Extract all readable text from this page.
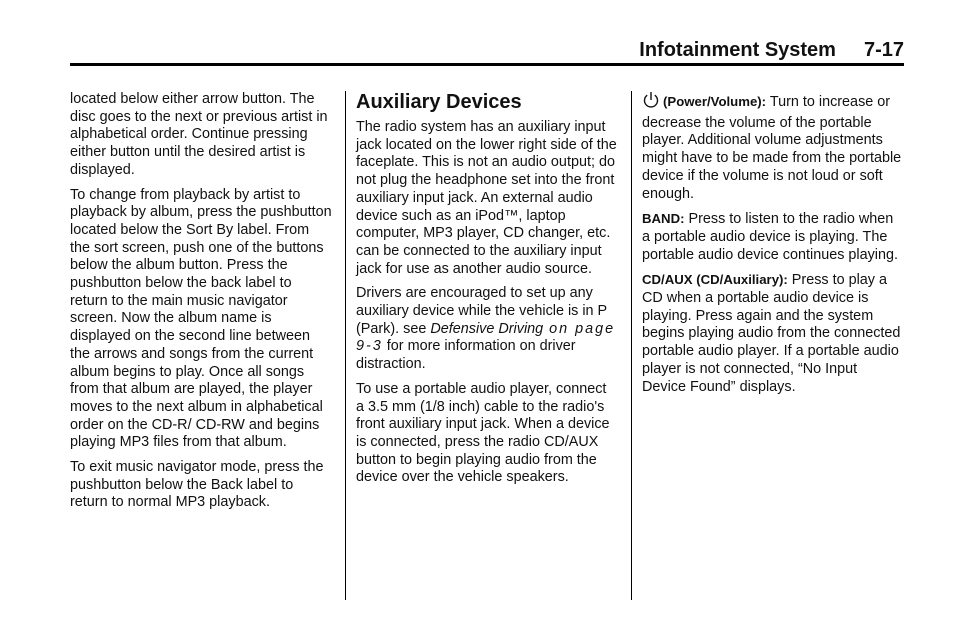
Infotainment System 7-17

located below either arrow button. The disc goes to the next or previous artist in alphabetical order. Continue pressing either button until the desired artist is displayed.

To change from playback by artist to playback by album, press the pushbutton located below the Sort By label. From the sort screen, push one of the buttons below the album button. Press the pushbutton below the back label to return to the main music navigator screen. Now the album name is displayed on the second line between the arrows and songs from the current album begins to play. Once all songs from that album are played, the player moves to the next album in alphabetical order on the CD-R/ CD-RW and begins playing MP3 files from that album.

To exit music navigator mode, press the pushbutton below the Back label to return to normal MP3 playback.

Auxiliary Devices

The radio system has an auxiliary input jack located on the lower right side of the faceplate. This is not an audio output; do not plug the headphone set into the front auxiliary input jack. An external audio device such as an iPod™, laptop computer, MP3 player, CD changer, etc. can be connected to the auxiliary input jack for use as another audio source.

Drivers are encouraged to set up any auxiliary device while the vehicle is in P (Park). see Defensive Driving on page 9-3 for more information on driver distraction.

To use a portable audio player, connect a 3.5 mm (1/8 inch) cable to the radio's front auxiliary input jack. When a device is connected, press the radio CD/AUX button to begin playing audio from the device over the vehicle speakers.

(Power/Volume): Turn to increase or decrease the volume of the portable player. Additional volume adjustments might have to be made from the portable device if the volume is not loud or soft enough.

BAND: Press to listen to the radio when a portable audio device is playing. The portable audio device continues playing.

CD/AUX (CD/Auxiliary): Press to play a CD when a portable audio device is playing. Press again and the system begins playing audio from the connected portable audio player. If a portable audio player is not connected, “No Input Device Found” displays.
